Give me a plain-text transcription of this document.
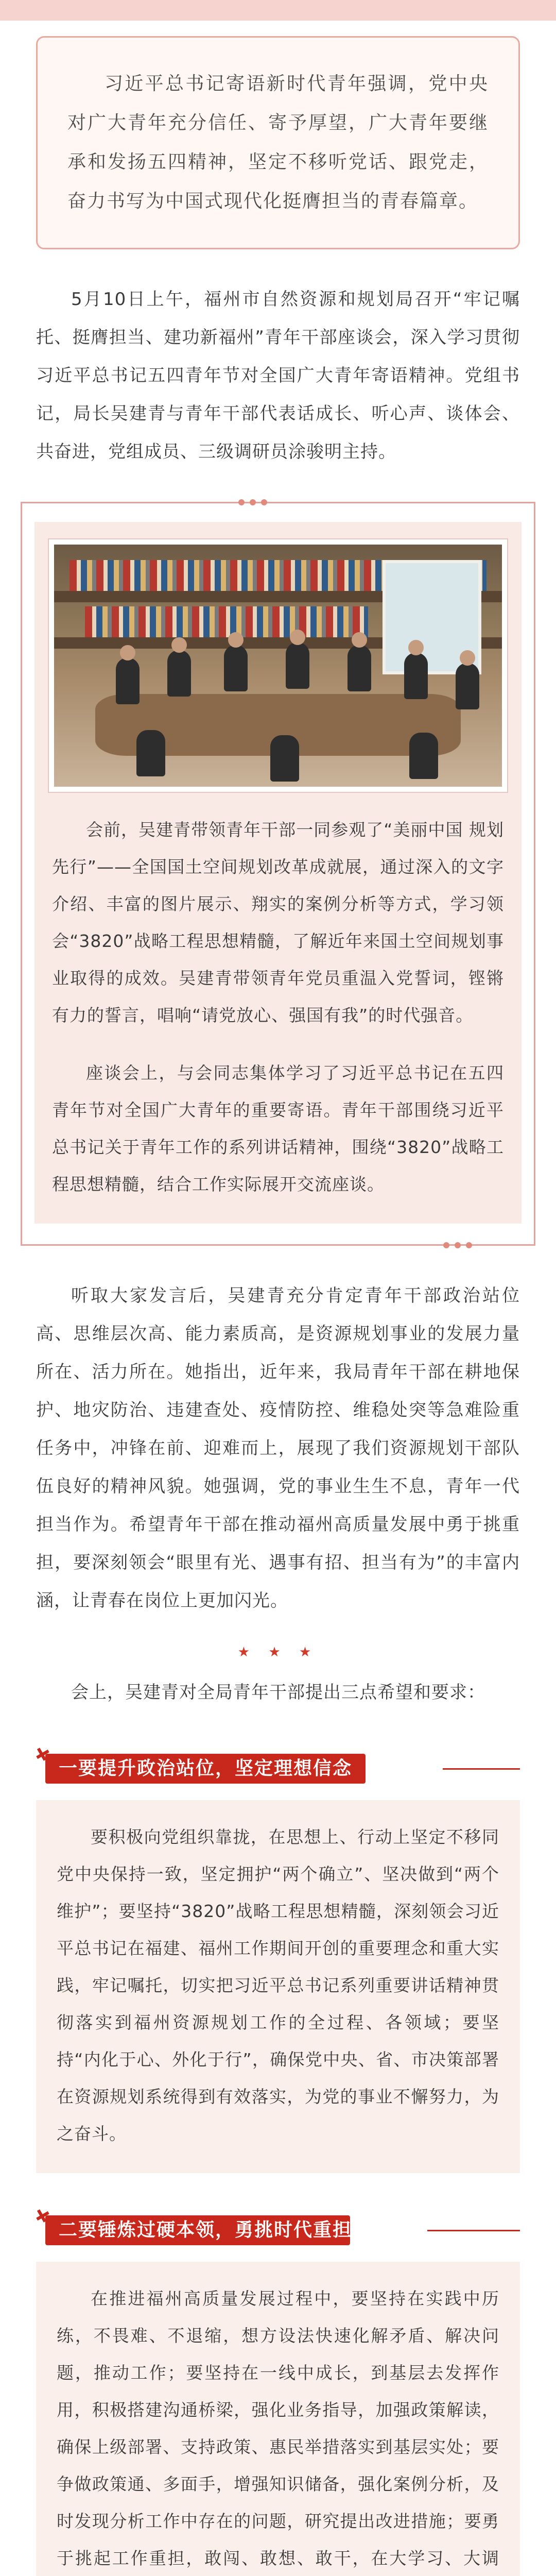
习近平总书记寄语新时代青年强调，党中央对广大青年充分信任、寄予厚望，广大青年要继承和发扬五四精神，坚定不移听党话、跟党走，奋力书写为中国式现代化挺膺担当的青春篇章。

5月10日上午，福州市自然资源和规划局召开“牢记嘱托、挺膺担当、建功新福州”青年干部座谈会，深入学习贯彻习近平总书记五四青年节对全国广大青年寄语精神。党组书记，局长吴建青与青年干部代表话成长、听心声、谈体会、共奋进，党组成员、三级调研员涂骏明主持。

会前，吴建青带领青年干部一同参观了“美丽中国 规划先行”——全国国土空间规划改革成就展，通过深入的文字介绍、丰富的图片展示、翔实的案例分析等方式，学习领会“3820”战略工程思想精髓，了解近年来国土空间规划事业取得的成效。吴建青带领青年党员重温入党誓词，铿锵有力的誓言，唱响“请党放心、强国有我”的时代强音。

座谈会上，与会同志集体学习了习近平总书记在五四青年节对全国广大青年的重要寄语。青年干部围绕习近平总书记关于青年工作的系列讲话精神，围绕“3820”战略工程思想精髓，结合工作实际展开交流座谈。

听取大家发言后，吴建青充分肯定青年干部政治站位高、思维层次高、能力素质高，是资源规划事业的发展力量所在、活力所在。她指出，近年来，我局青年干部在耕地保护、地灾防治、违建查处、疫情防控、维稳处突等急难险重任务中，冲锋在前、迎难而上，展现了我们资源规划干部队伍良好的精神风貌。她强调，党的事业生生不息，青年一代担当作为。希望青年干部在推动福州高质量发展中勇于挑重担，要深刻领会“眼里有光、遇事有招、担当有为”的丰富内涵，让青春在岗位上更加闪光。

★ ★ ★

会上，吴建青对全局青年干部提出三点希望和要求：

一要提升政治站位，坚定理想信念

要积极向党组织靠拢，在思想上、行动上坚定不移同党中央保持一致，坚定拥护“两个确立”、坚决做到“两个维护”；要坚持“3820”战略工程思想精髓，深刻领会习近平总书记在福建、福州工作期间开创的重要理念和重大实践，牢记嘱托，切实把习近平总书记系列重要讲话精神贯彻落实到福州资源规划工作的全过程、各领域；要坚持“内化于心、外化于行”，确保党中央、省、市决策部署在资源规划系统得到有效落实，为党的事业不懈努力，为之奋斗。

二要锤炼过硬本领，勇挑时代重担

在推进福州高质量发展过程中，要坚持在实践中历练，不畏难、不退缩，想方设法快速化解矛盾、解决问题，推动工作；要坚持在一线中成长，到基层去发挥作用，积极搭建沟通桥梁，强化业务指导，加强政策解读，确保上级部署、支持政策、惠民举措落实到基层实处；要争做政策通、多面手，增强知识储备，强化案例分析，及时发现分析工作中存在的问题，研究提出改进措施；要勇于挑起工作重担，敢闯、敢想、敢干，在大学习、大调
